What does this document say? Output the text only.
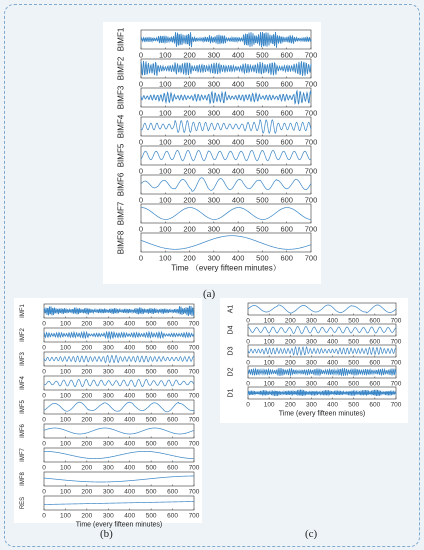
BIMF1
0 100 200 300 400 500 600 700
BIMF2
0 100 200 300 400 500 600 700
BIMF3
0 100 200 300 400 500 600 700
BIMF4
0 100 200 300 400 500 600 700
BIMF5
0 100 200 300 400 500 600 700
BIMF6
0 100 200 300 400 500 600 700
BIMF7
0 100 200 300 400 500 600 700
BIMF8
0 100 200 300 400 500 600 700
Time （every fifteen minutes）
(a)
IMF1
0 100 200 300 400 500 600 700
IMF2
0 100 200 300 400 500 600 700
IMF3
0 100 200 300 400 500 600 700
IMF4
0 100 200 300 400 500 600 700
IMF5
0 100 200 300 400 500 600 700
IMF6
0 100 200 300 400 500 600 700
IMF7
0 100 200 300 400 500 600 700
IMF8
0 100 200 300 400 500 600 700
RES
0 100 200 300 400 500 600 700
Time (every fifteen minutes)
(b)
A1
0 100 200 300 400 500 600 700
D4
0 100 200 300 400 500 600 700
D3
0 100 200 300 400 500 600 700
D2
0 100 200 300 400 500 600 700
D1
0 100 200 300 400 500 600 700
Time (every fifteen minutes)
(c)
